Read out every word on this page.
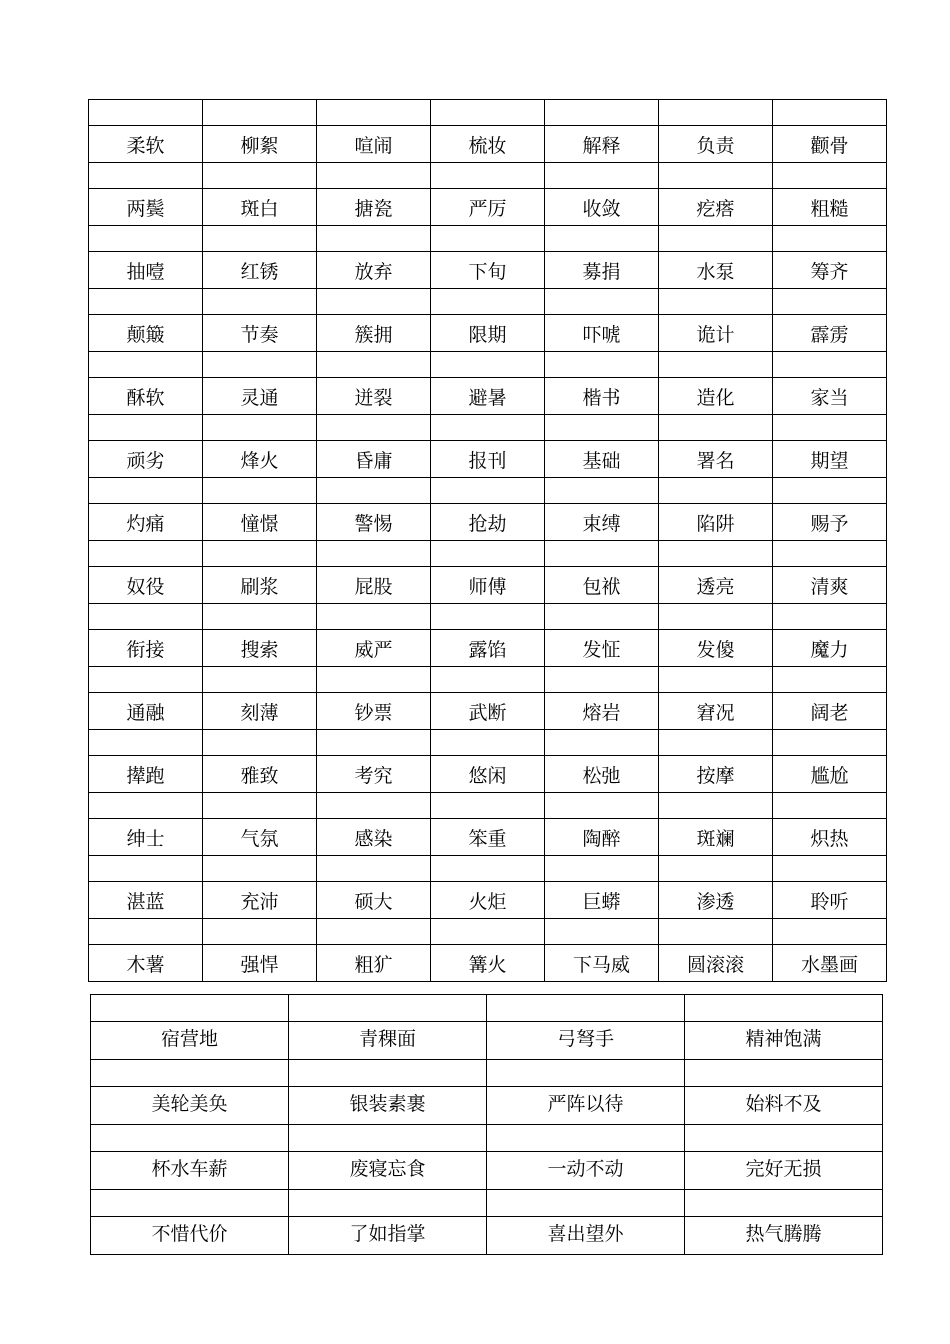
柔软	柳絮	喧闹	梳妆	解释	负责	颧骨

两鬓	斑白	搪瓷	严厉	收敛	疙瘩	粗糙

抽噎	红锈	放弃	下旬	募捐	水泵	筹齐

颠簸	节奏	簇拥	限期	吓唬	诡计	霹雳

酥软	灵通	迸裂	避暑	楷书	造化	家当

顽劣	烽火	昏庸	报刊	基础	署名	期望

灼痛	憧憬	警惕	抢劫	束缚	陷阱	赐予

奴役	刷浆	屁股	师傅	包袱	透亮	清爽

衔接	搜索	威严	露馅	发怔	发傻	魔力

通融	刻薄	钞票	武断	熔岩	窘况	阔老

撵跑	雅致	考究	悠闲	松弛	按摩	尴尬

绅士	气氛	感染	笨重	陶醉	斑斓	炽热

湛蓝	充沛	硕大	火炬	巨蟒	渗透	聆听

木薯	强悍	粗犷	篝火	下马威	圆滚滚	水墨画

宿营地	青稞面	弓弩手	精神饱满

美轮美奂	银装素裹	严阵以待	始料不及

杯水车薪	废寝忘食	一动不动	完好无损

不惜代价	了如指掌	喜出望外	热气腾腾
